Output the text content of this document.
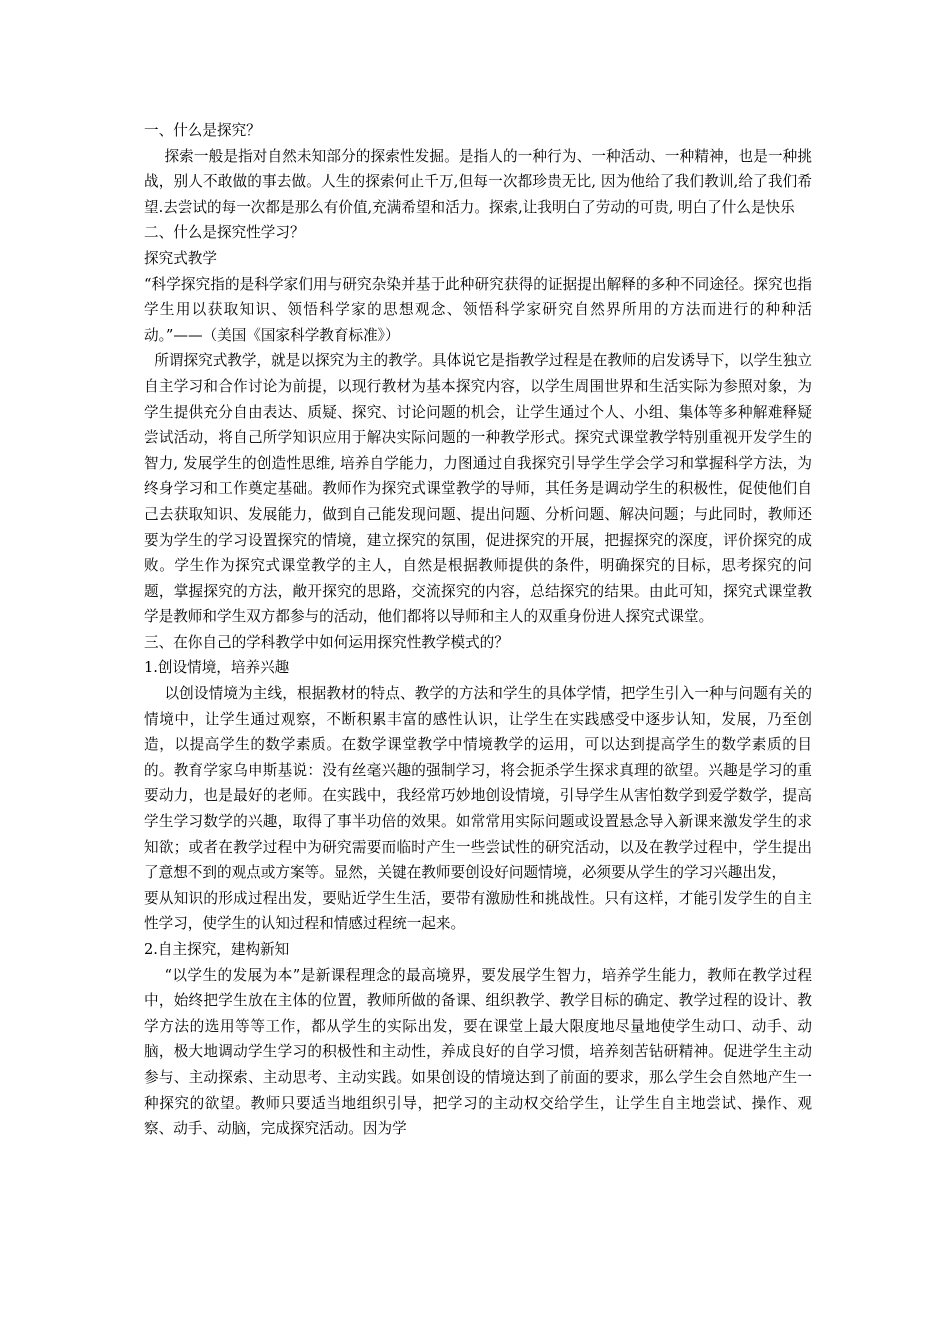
一、什么是探究？

探索一般是指对自然未知部分的探索性发掘。是指人的一种行为、一种活动、一种精神，也是一种挑战，别人不敢做的事去做。人生的探索何止千万,但每一次都珍贵无比, 因为他给了我们教训,给了我们希望.去尝试的每一次都是那么有价值,充满希望和活力。探索,让我明白了劳动的可贵, 明白了什么是快乐

二、什么是探究性学习？

探究式教学

“科学探究指的是科学家们用与研究杂染并基于此种研究获得的证据提出解释的多种不同途径。探究也指学生用以获取知识、领悟科学家的思想观念、领悟科学家研究自然界所用的方法而进行的种种活动。”——（美国《国家科学教育标准》）

所谓探究式教学，就是以探究为主的教学。具体说它是指教学过程是在教师的启发诱导下，以学生独立自主学习和合作讨论为前提，以现行教材为基本探究内容，以学生周围世界和生活实际为参照对象，为学生提供充分自由表达、质疑、探究、讨论问题的机会，让学生通过个人、小组、集体等多种解难释疑尝试活动，将自己所学知识应用于解决实际问题的一种教学形式。探究式课堂教学特别重视开发学生的智力, 发展学生的创造性思维, 培养自学能力，力图通过自我探究引导学生学会学习和掌握科学方法，为终身学习和工作奠定基础。教师作为探究式课堂教学的导师，其任务是调动学生的积极性，促使他们自己去获取知识、发展能力，做到自己能发现问题、提出问题、分析问题、解决问题；与此同时，教师还要为学生的学习设置探究的情境，建立探究的氛围，促进探究的开展，把握探究的深度，评价探究的成败。学生作为探究式课堂教学的主人，自然是根据教师提供的条件，明确探究的目标，思考探究的问题，掌握探究的方法，敞开探究的思路，交流探究的内容，总结探究的结果。由此可知，探究式课堂教学是教师和学生双方都参与的活动，他们都将以导师和主人的双重身份进人探究式课堂。

三、在你自己的学科教学中如何运用探究性教学模式的？

1.创设情境，培养兴趣

以创设情境为主线，根据教材的特点、教学的方法和学生的具体学情，把学生引入一种与问题有关的情境中，让学生通过观察，不断积累丰富的感性认识，让学生在实践感受中逐步认知，发展，乃至创造，以提高学生的数学素质。在数学课堂教学中情境教学的运用，可以达到提高学生的数学素质的目的。教育学家乌申斯基说：没有丝毫兴趣的强制学习，将会扼杀学生探求真理的欲望。兴趣是学习的重要动力，也是最好的老师。在实践中，我经常巧妙地创设情境，引导学生从害怕数学到爱学数学，提高学生学习数学的兴趣，取得了事半功倍的效果。如常常用实际问题或设置悬念导入新课来激发学生的求知欲；或者在教学过程中为研究需要而临时产生一些尝试性的研究活动，以及在教学过程中，学生提出了意想不到的观点或方案等。显然，关键在教师要创设好问题情境，必须要从学生的学习兴趣出发，

要从知识的形成过程出发，要贴近学生生活，要带有激励性和挑战性。只有这样，才能引发学生的自主性学习，使学生的认知过程和情感过程统一起来。

2.自主探究，建构新知

“以学生的发展为本”是新课程理念的最高境界，要发展学生智力，培养学生能力，教师在教学过程中，始终把学生放在主体的位置，教师所做的备课、组织教学、教学目标的确定、教学过程的设计、教学方法的选用等等工作，都从学生的实际出发，要在课堂上最大限度地尽量地使学生动口、动手、动脑，极大地调动学生学习的积极性和主动性，养成良好的自学习惯，培养刻苦钻研精神。促进学生主动参与、主动探索、主动思考、主动实践。如果创设的情境达到了前面的要求，那么学生会自然地产生一种探究的欲望。教师只要适当地组织引导，把学习的主动权交给学生，让学生自主地尝试、操作、观察、动手、动脑，完成探究活动。因为学
